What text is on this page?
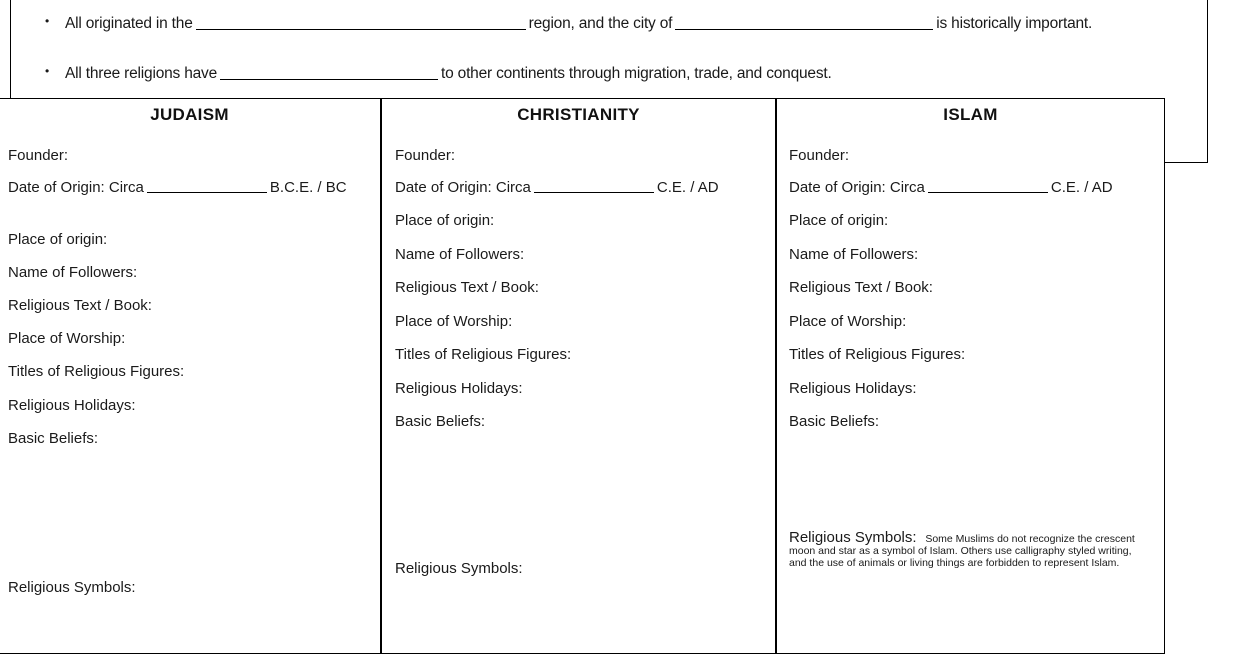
• All originated in the	region, and the city of	is historically important.
• All three religions have	to other continents through migration, trade, and conquest.
JUDAISM
Founder:
Date of Origin: Circa	B.C.E. / BC
Place of origin:
Name of Followers:
Religious Text / Book:
Place of Worship:
Titles of Religious Figures:
Religious Holidays:
Basic Beliefs:
Religious Symbols:
CHRISTIANITY
Founder:
Date of Origin: Circa	C.E. / AD
Place of origin:
Name of Followers:
Religious Text / Book:
Place of Worship:
Titles of Religious Figures:
Religious Holidays:
Basic Beliefs:
Religious Symbols:
ISLAM
Founder:
Date of Origin: Circa	C.E. / AD
Place of origin:
Name of Followers:
Religious Text / Book:
Place of Worship:
Titles of Religious Figures:
Religious Holidays:
Basic Beliefs:
Religious Symbols: Some Muslims do not recognize the crescent moon and star as a symbol of Islam. Others use calligraphy styled writing, and the use of animals or living things are forbidden to represent Islam.
